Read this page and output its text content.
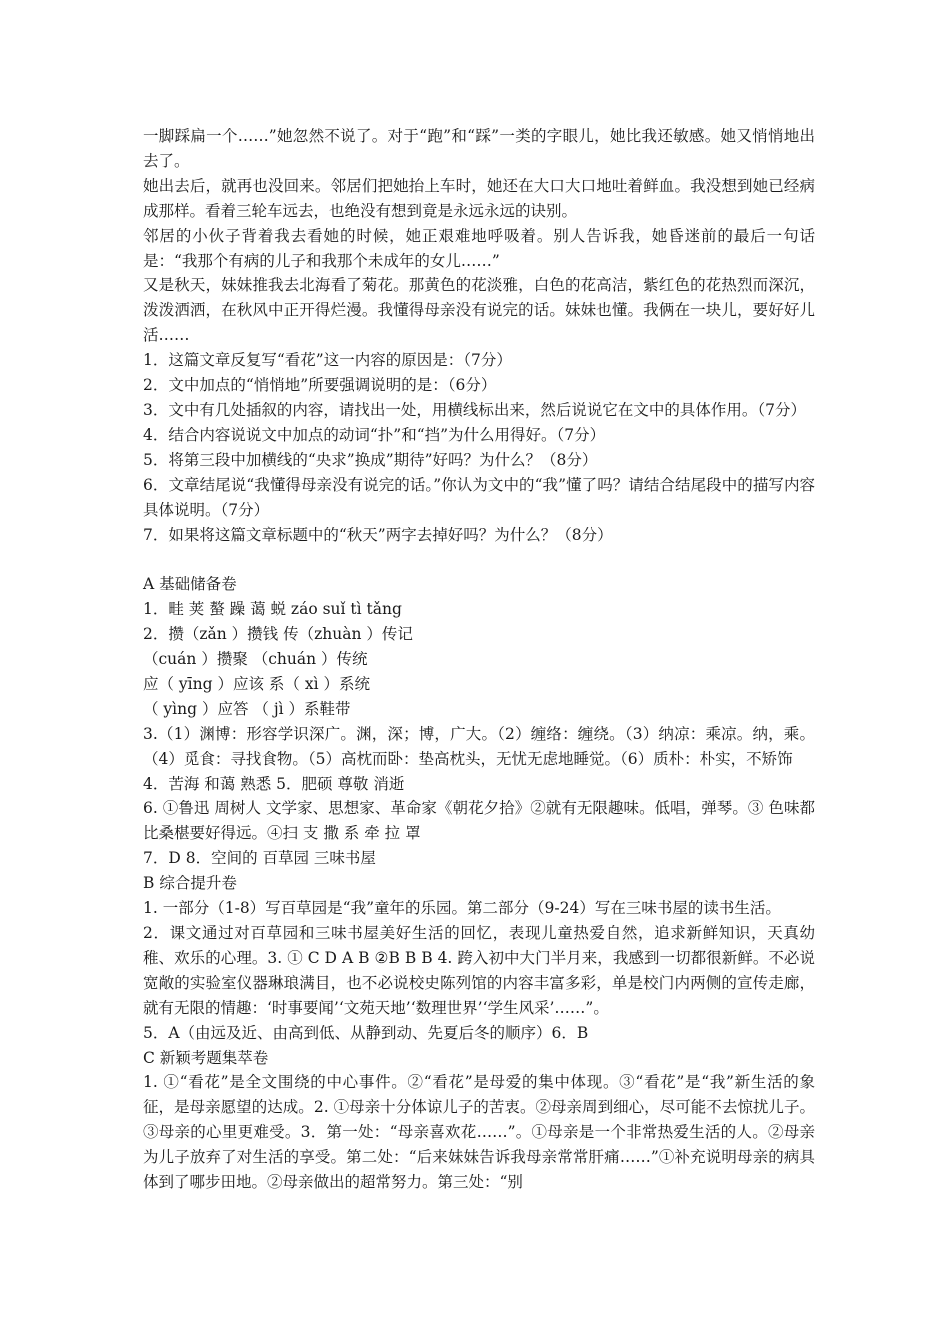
一脚踩扁一个……”她忽然不说了。对于“跑”和“踩”一类的字眼儿，她比我还敏感。她又悄悄地出去了。
她出去后，就再也没回来。邻居们把她抬上车时，她还在大口大口地吐着鲜血。我没想到她已经病成那样。看着三轮车远去，也绝没有想到竟是永远永远的诀别。
邻居的小伙子背着我去看她的时候，她正艰难地呼吸着。别人告诉我，她昏迷前的最后一句话是：“我那个有病的儿子和我那个未成年的女儿……”
又是秋天，妹妹推我去北海看了菊花。那黄色的花淡雅，白色的花高洁，紫红色的花热烈而深沉，泼泼洒洒，在秋风中正开得烂漫。我懂得母亲没有说完的话。妹妹也懂。我俩在一块儿，要好好儿活……
1．这篇文章反复写“看花”这一内容的原因是：（7分）
2．文中加点的“悄悄地”所要强调说明的是：（6分）
3．文中有几处插叙的内容，请找出一处，用横线标出来，然后说说它在文中的具体作用。（7分）
4．结合内容说说文中加点的动词“扑”和“挡”为什么用得好。（7分）
5．将第三段中加横线的“央求”换成”期待”好吗？为什么？（8分）
6．文章结尾说“我懂得母亲没有说完的话。”你认为文中的“我”懂了吗？请结合结尾段中的描写内容具体说明。（7分）
7．如果将这篇文章标题中的“秋天”两字去掉好吗？为什么？（8分）
A 基础储备卷
1．畦 荚 螯 躁 蔼 蜕 záo suǐ tì tǎng
2．攒（zǎn ）攒钱 传（zhuàn ）传记
（cuán ）攒聚 （chuán ）传统
应（ yīng ）应该 系（ xì ）系统
（ yìng ）应答 （ jì ）系鞋带
3.（1）渊博：形容学识深广。渊，深；博，广大。（2）缠络：缠绕。（3）纳凉：乘凉。纳，乘。（4）觅食：寻找食物。（5）高枕而卧：垫高枕头，无忧无虑地睡觉。（6）质朴：朴实，不矫饰
4．苦海 和蔼 熟悉 5．肥硕 尊敬 消逝
6. ①鲁迅 周树人 文学家、思想家、革命家《朝花夕拾》②就有无限趣味。低唱，弹琴。③ 色味都比桑椹要好得远。④扫 支 撒 系 牵 拉 罩
7．D 8．空间的 百草园 三味书屋
B 综合提升卷
1. 一部分（1-8）写百草园是“我”童年的乐园。第二部分（9-24）写在三味书屋的读书生活。
2．课文通过对百草园和三味书屋美好生活的回忆，表现儿童热爱自然，追求新鲜知识，天真幼稚、欢乐的心理。3. ① C D A B ②B B B 4. 跨入初中大门半月来，我感到一切都很新鲜。不必说宽敞的实验室仪器琳琅满目，也不必说校史陈列馆的内容丰富多彩，单是校门内两侧的宣传走廊，就有无限的情趣：‘时事要闻’‘文苑天地’‘数理世界’‘学生风采’……”。
5．A（由远及近、由高到低、从静到动、先夏后冬的顺序）6．B
C 新颖考题集萃卷
1. ①“看花”是全文围绕的中心事件。②“看花”是母爱的集中体现。③“看花”是“我”新生活的象征，是母亲愿望的达成。2. ①母亲十分体谅儿子的苦衷。②母亲周到细心，尽可能不去惊扰儿子。③母亲的心里更难受。3．第一处：“母亲喜欢花……”。①母亲是一个非常热爱生活的人。②母亲为儿子放弃了对生活的享受。第二处：“后来妹妹告诉我母亲常常肝痛……”①补充说明母亲的病具体到了哪步田地。②母亲做出的超常努力。第三处：“别
